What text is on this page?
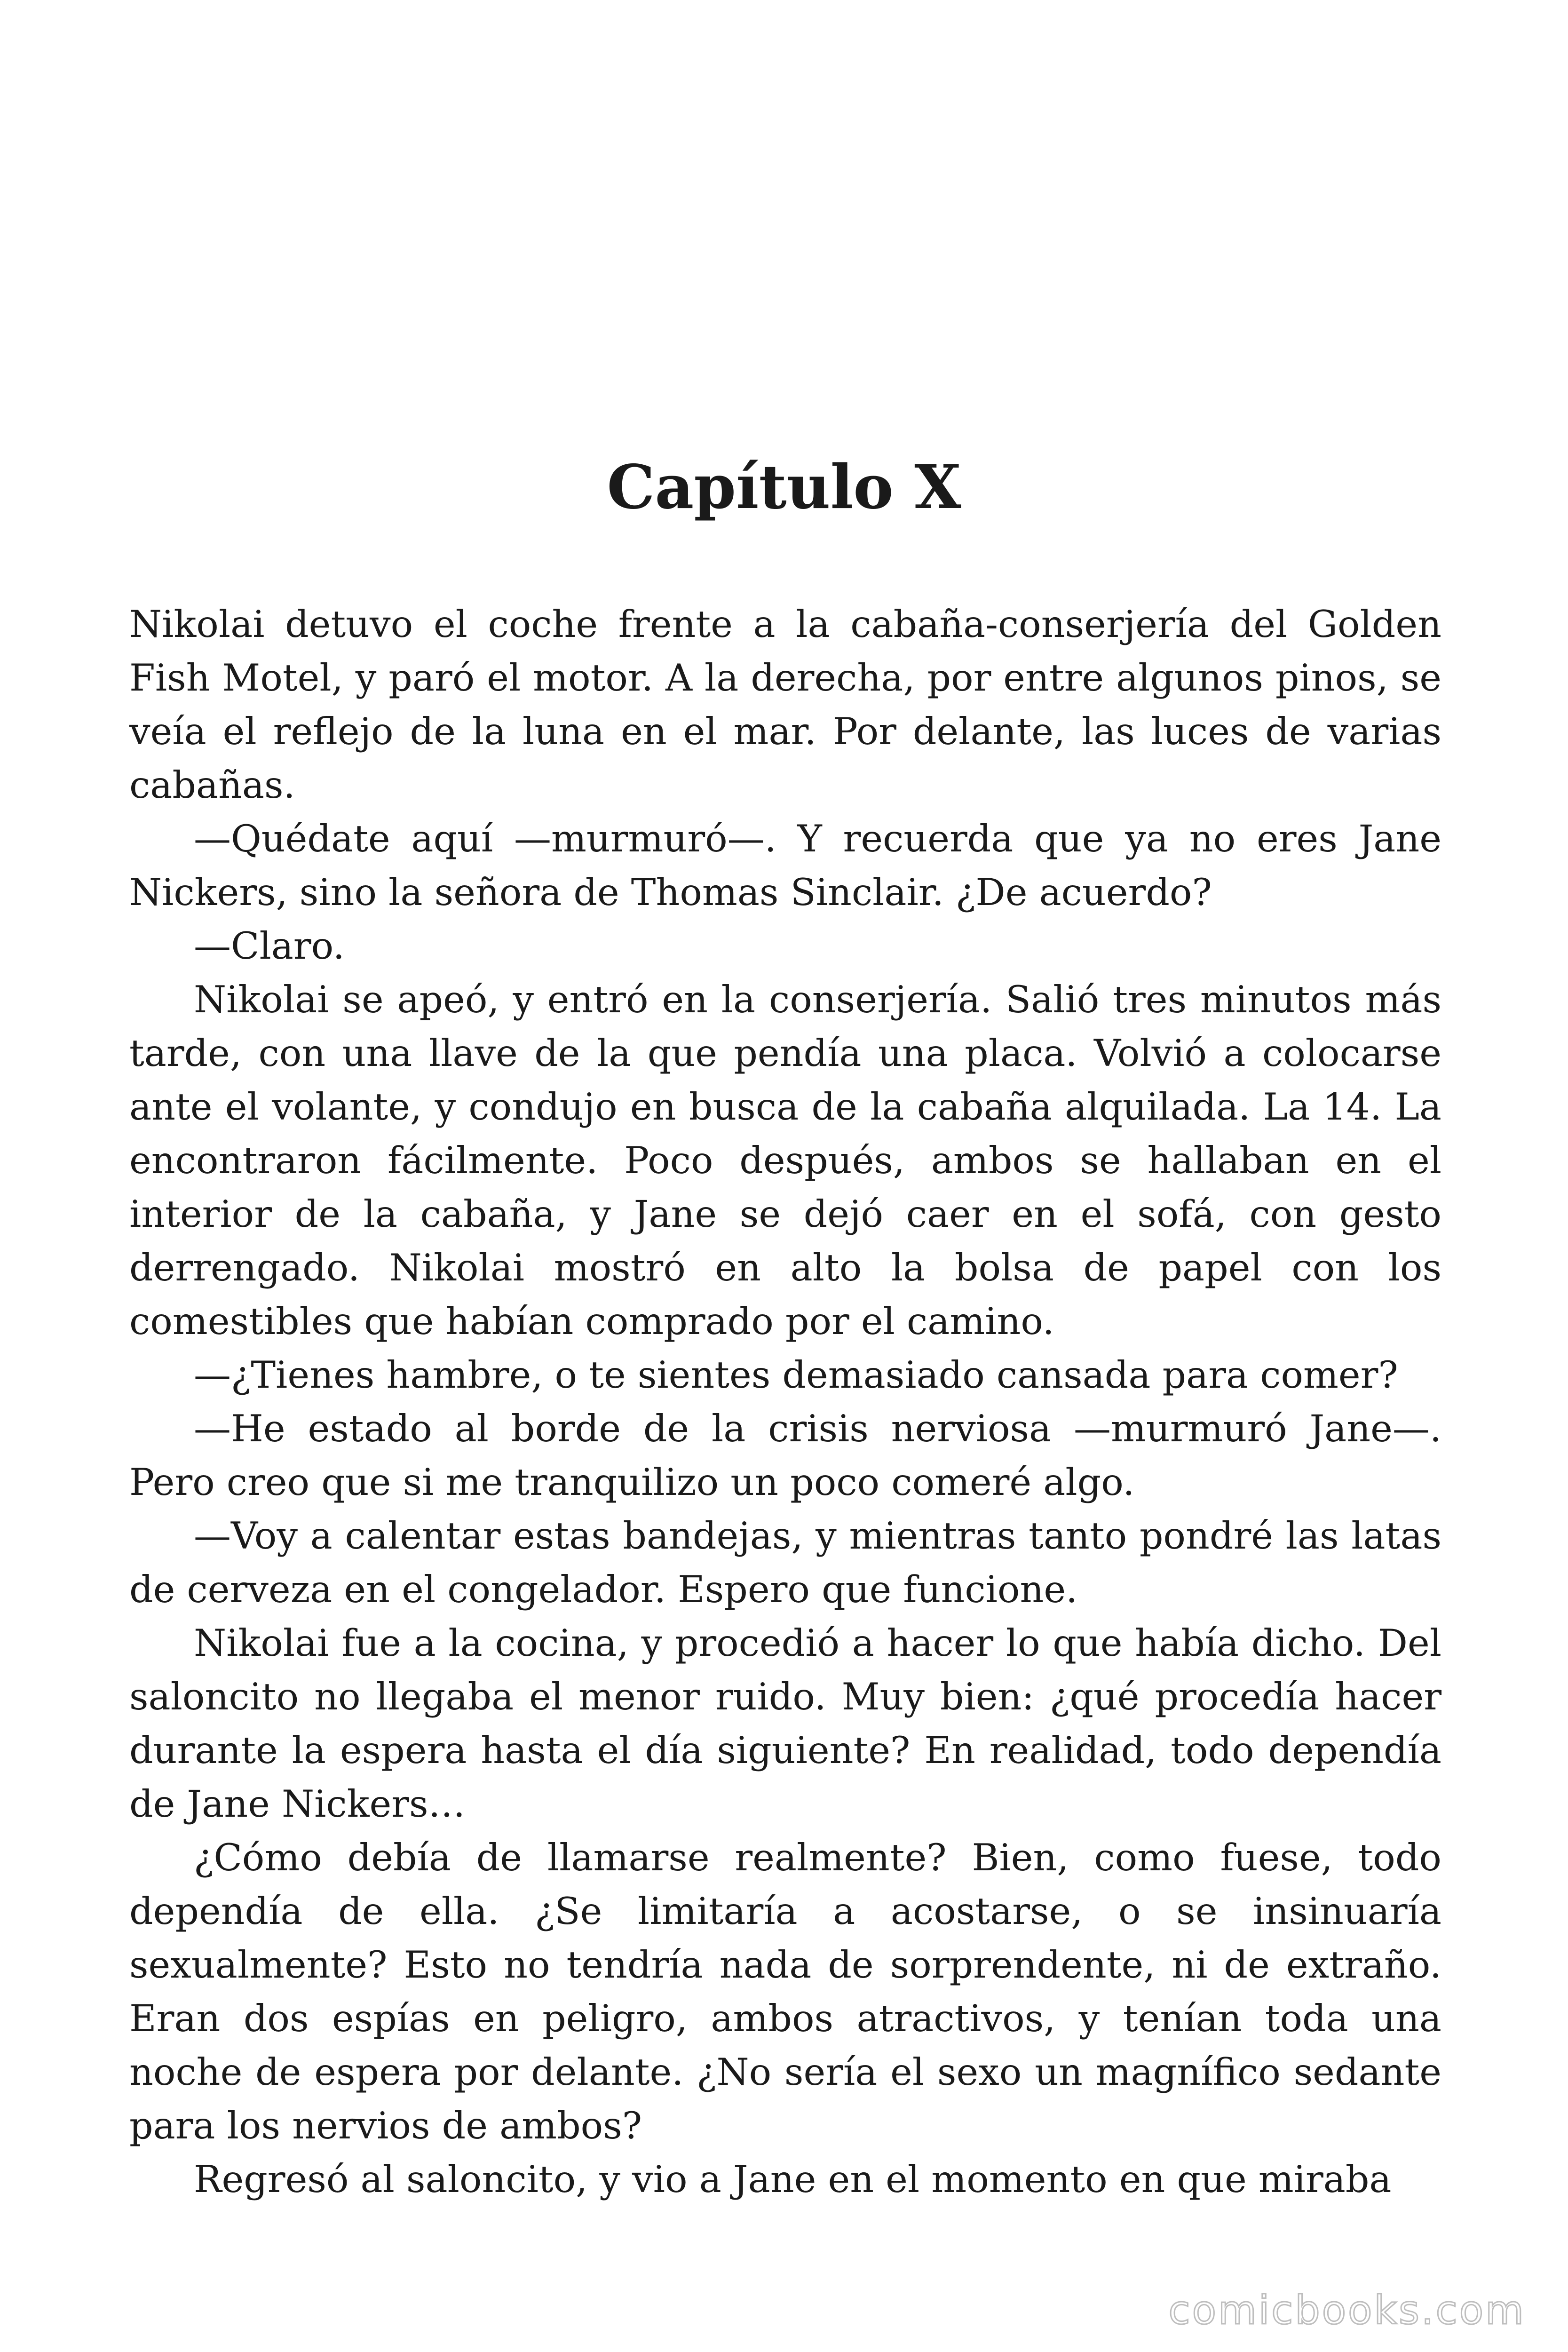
Capítulo X

Nikolai detuvo el coche frente a la cabaña-conserjería del Golden Fish Motel, y paró el motor. A la derecha, por entre algunos pinos, se veía el reflejo de la luna en el mar. Por delante, las luces de varias cabañas.

—Quédate aquí —murmuró—. Y recuerda que ya no eres Jane Nickers, sino la señora de Thomas Sinclair. ¿De acuerdo?

—Claro.

Nikolai se apeó, y entró en la conserjería. Salió tres minutos más tarde, con una llave de la que pendía una placa. Volvió a colocarse ante el volante, y condujo en busca de la cabaña alquilada. La 14. La encontraron fácilmente. Poco después, ambos se hallaban en el interior de la cabaña, y Jane se dejó caer en el sofá, con gesto derrengado. Nikolai mostró en alto la bolsa de papel con los comestibles que habían comprado por el camino.

—¿Tienes hambre, o te sientes demasiado cansada para comer?

—He estado al borde de la crisis nerviosa —murmuró Jane—. Pero creo que si me tranquilizo un poco comeré algo.

—Voy a calentar estas bandejas, y mientras tanto pondré las latas de cerveza en el congelador. Espero que funcione.

Nikolai fue a la cocina, y procedió a hacer lo que había dicho. Del saloncito no llegaba el menor ruido. Muy bien: ¿qué procedía hacer durante la espera hasta el día siguiente? En realidad, todo dependía de Jane Nickers…

¿Cómo debía de llamarse realmente? Bien, como fuese, todo dependía de ella. ¿Se limitaría a acostarse, o se insinuaría sexualmente? Esto no tendría nada de sorprendente, ni de extraño. Eran dos espías en peligro, ambos atractivos, y tenían toda una noche de espera por delante. ¿No sería el sexo un magnífico sedante para los nervios de ambos?

Regresó al saloncito, y vio a Jane en el momento en que miraba

comicbooks.com
